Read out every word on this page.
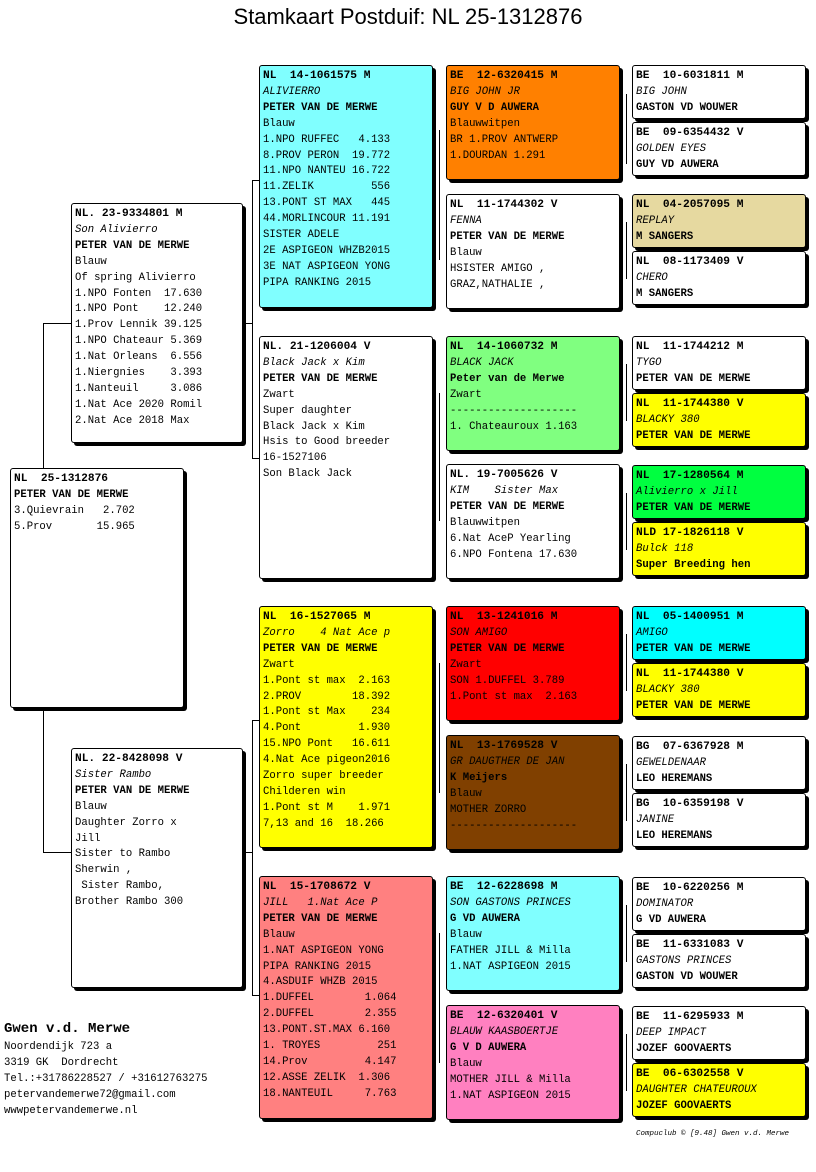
Stamkaart Postduif: NL 25-1312876
NL  25-1312876
PETER VAN DE MERWE
3.Quievrain   2.702
5.Prov       15.965
NL. 23-9334801 M
Son Alivierro
PETER VAN DE MERWE
Blauw
Of spring Alivierro
1.NPO Fonten  17.630
1.NPO Pont    12.240
1.Prov Lennik 39.125
1.NPO Chateaur 5.369
1.Nat Orleans  6.556
1.Niergnies    3.393
1.Nanteuil     3.086
1.Nat Ace 2020 Romil
2.Nat Ace 2018 Max
NL. 22-8428098 V
Sister Rambo
PETER VAN DE MERWE
Blauw
Daughter Zorro x
Jill
Sister to Rambo
Sherwin ,
Sister Rambo,
Brother Rambo 300
NL  14-1061575 M
ALIVIERRO
PETER VAN DE MERWE
Blauw
1.NPO RUFFEC   4.133
8.PROV PERON  19.772
11.NPO NANTEU 16.722
11.ZELIK         556
13.PONT ST MAX   445
44.MORLINCOUR 11.191
SISTER ADELE
2E ASPIGEON WHZB2015
3E NAT ASPIGEON YONG
PIPA RANKING 2015
NL. 21-1206004 V
Black Jack x Kim
PETER VAN DE MERWE
Zwart
Super daughter
Black Jack x Kim
Hsis to Good breeder
16-1527106
Son Black Jack
NL  16-1527065 M
Zorro    4 Nat Ace p
PETER VAN DE MERWE
Zwart
1.Pont st max  2.163
2.PROV        18.392
1.Pont st Max    234
4.Pont         1.930
15.NPO Pont   16.611
4.Nat Ace pigeon2016
Zorro super breeder
Childeren win
1.Pont st M    1.971
7,13 and 16  18.266
NL  15-1708672 V
JILL   1.Nat Ace P
PETER VAN DE MERWE
Blauw
1.NAT ASPIGEON YONG
PIPA RANKING 2015
4.ASDUIF WHZB 2015
1.DUFFEL        1.064
2.DUFFEL        2.355
13.PONT.ST.MAX 6.160
1. TROYES         251
14.Prov         4.147
12.ASSE ZELIK  1.306
18.NANTEUIL     7.763
BE  12-6320415 M
BIG JOHN JR
GUY V D AUWERA
Blauwwitpen
BR 1.PROV ANTWERP
1.DOURDAN 1.291
NL  11-1744302 V
FENNA
PETER VAN DE MERWE
Blauw
HSISTER AMIGO ,
GRAZ,NATHALIE ,
NL  14-1060732 M
BLACK JACK
Peter van de Merwe
Zwart
--------------------
1. Chateauroux 1.163
NL. 19-7005626 V
KIM    Sister Max
PETER VAN DE MERWE
Blauwwitpen
6.Nat AceP Yearling
6.NPO Fontena 17.630
NL  13-1241016 M
SON AMIGO
PETER VAN DE MERWE
Zwart
SON 1.DUFFEL 3.789
1.Pont st max  2.163
NL  13-1769528 V
GR DAUGTHER DE JAN
K Meijers
Blauw
MOTHER ZORRO
--------------------
BE  12-6228698 M
SON GASTONS PRINCES
G VD AUWERA
Blauw
FATHER JILL & Milla
1.NAT ASPIGEON 2015
BE  12-6320401 V
BLAUW KAASBOERTJE
G V D AUWERA
Blauw
MOTHER JILL & Milla
1.NAT ASPIGEON 2015
BE  10-6031811 M
BIG JOHN
GASTON VD WOUWER
BE  09-6354432 V
GOLDEN EYES
GUY VD AUWERA
NL  04-2057095 M
REPLAY
M SANGERS
NL  08-1173409 V
CHERO
M SANGERS
NL  11-1744212 M
TYGO
PETER VAN DE MERWE
NL  11-1744380 V
BLACKY 380
PETER VAN DE MERWE
NL  17-1280564 M
Alivierro x Jill
PETER VAN DE MERWE
NLD 17-1826118 V
Bulck 118
Super Breeding hen
NL  05-1400951 M
AMIGO
PETER VAN DE MERWE
NL  11-1744380 V
BLACKY 380
PETER VAN DE MERWE
BG  07-6367928 M
GEWELDENAAR
LEO HEREMANS
BG  10-6359198 V
JANINE
LEO HEREMANS
BE  10-6220256 M
DOMINATOR
G VD AUWERA
BE  11-6331083 V
GASTONS PRINCES
GASTON VD WOUWER
BE  11-6295933 M
DEEP IMPACT
JOZEF GOOVAERTS
BE  06-6302558 V
DAUGHTER CHATEUROUX
JOZEF GOOVAERTS
Gwen v.d. Merwe
Noordendijk 723 a
3319 GK  Dordrecht
Tel.:+31786228527 / +31612763275
petervandemerwe72@gmail.com
wwwpetervandemerwe.nl
Compuclub © [9.48] Gwen v.d. Merwe
